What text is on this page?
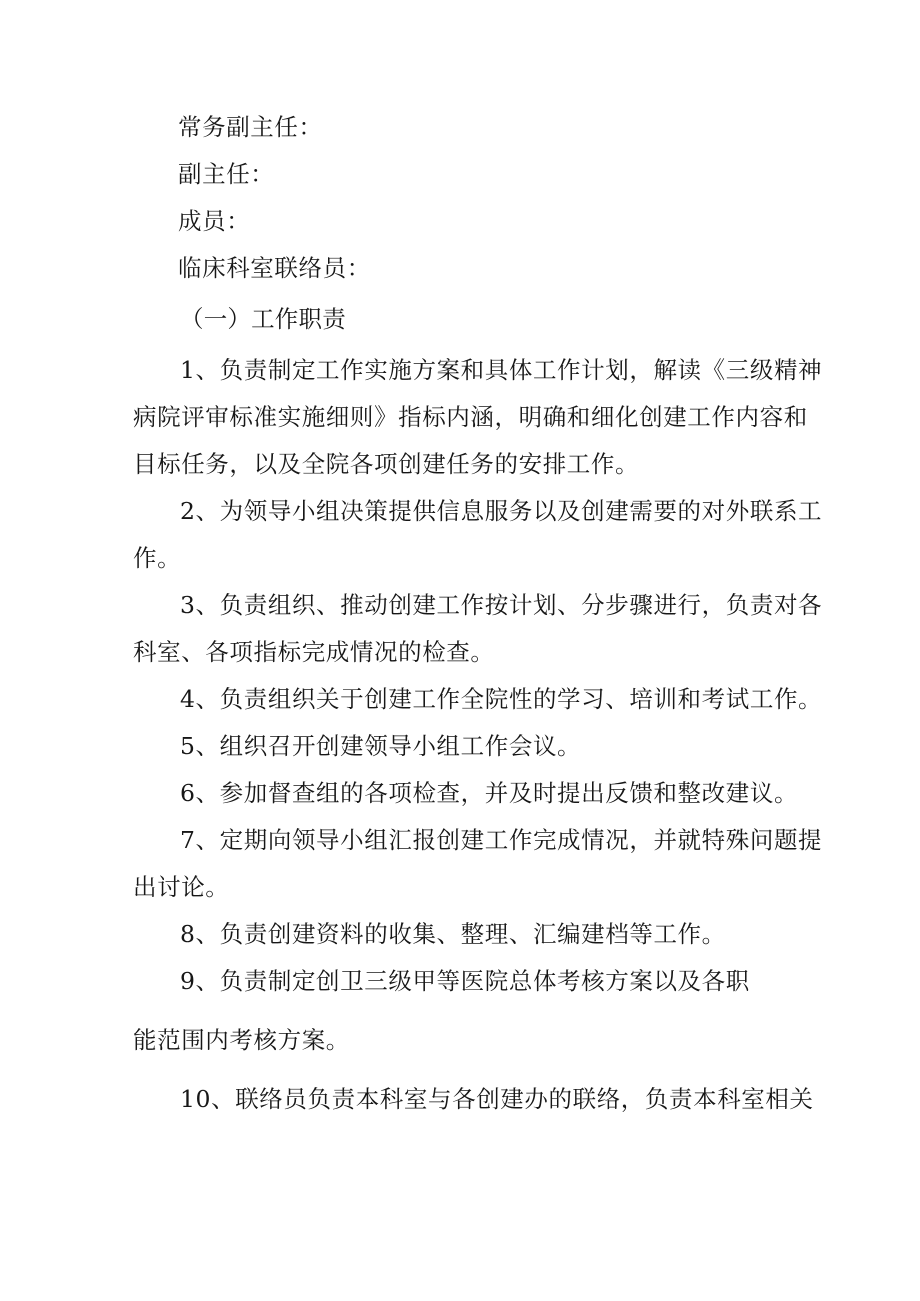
常务副主任：
副主任：
成员：
临床科室联络员：
（一）工作职责
1、负责制定工作实施方案和具体工作计划，解读《三级精神
病院评审标准实施细则》指标内涵，明确和细化创建工作内容和
目标任务，以及全院各项创建任务的安排工作。
2、为领导小组决策提供信息服务以及创建需要的对外联系工
作。
3、负责组织、推动创建工作按计划、分步骤进行，负责对各
科室、各项指标完成情况的检查。
4、负责组织关于创建工作全院性的学习、培训和考试工作。
5、组织召开创建领导小组工作会议。
6、参加督查组的各项检查，并及时提出反馈和整改建议。
7、定期向领导小组汇报创建工作完成情况，并就特殊问题提
出讨论。
8、负责创建资料的收集、整理、汇编建档等工作。
9、负责制定创卫三级甲等医院总体考核方案以及各职
能范围内考核方案。
10、联络员负责本科室与各创建办的联络，负责本科室相关
